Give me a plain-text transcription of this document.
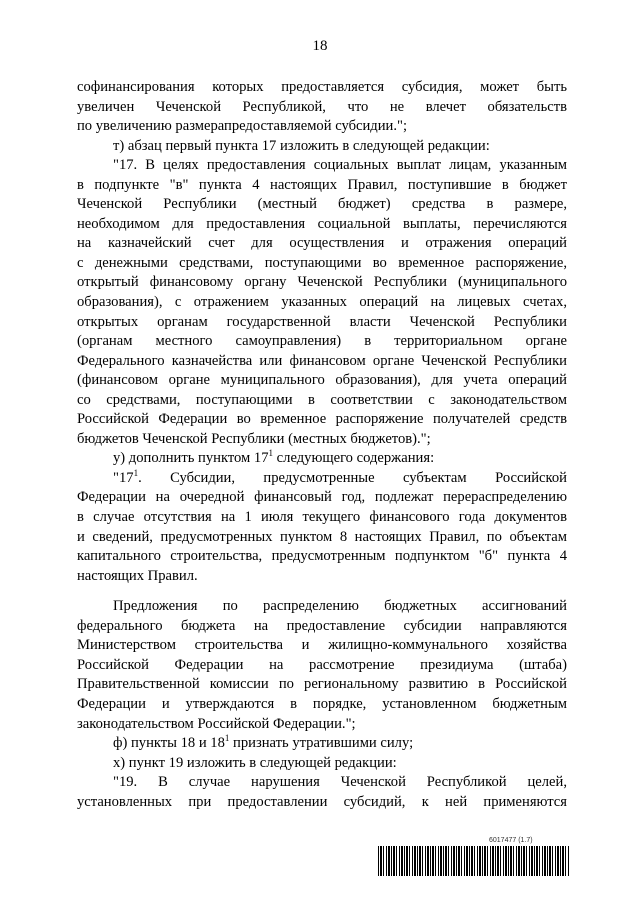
18
софинансирования которых предоставляется субсидия, может быть
увеличен Чеченской Республикой, что не влечет обязательств
по увеличению размерапредоставляемой субсидии.";
т) абзац первый пункта 17 изложить в следующей редакции:
"17. В целях предоставления социальных выплат лицам, указанным
в подпункте "в" пункта 4 настоящих Правил, поступившие в бюджет
Чеченской Республики (местный бюджет) средства в размере,
необходимом для предоставления социальной выплаты, перечисляются
на казначейский счет для осуществления и отражения операций
с денежными средствами, поступающими во временное распоряжение,
открытый финансовому органу Чеченской Республики (муниципального
образования), с отражением указанных операций на лицевых счетах,
открытых органам государственной власти Чеченской Республики
(органам местного самоуправления) в территориальном органе
Федерального казначейства или финансовом органе Чеченской Республики
(финансовом органе муниципального образования), для учета операций
со средствами, поступающими в соответствии с законодательством
Российской Федерации во временное распоряжение получателей средств
бюджетов Чеченской Республики (местных бюджетов).";
у) дополнить пунктом $17^1$ следующего содержания:
"$17^1$. Субсидии, предусмотренные субъектам Российской
Федерации на очередной финансовый год, подлежат перераспределению
в случае отсутствия на 1 июля текущего финансового года документов
и сведений, предусмотренных пунктом 8 настоящих Правил, по объектам
капитального строительства, предусмотренным подпунктом "б" пункта 4
настоящих Правил.
Предложения по распределению бюджетных ассигнований
федерального бюджета на предоставление субсидии направляются
Министерством строительства и жилищно-коммунального хозяйства
Российской Федерации на рассмотрение президиума (штаба)
Правительственной комиссии по региональному развитию в Российской
Федерации и утверждаются в порядке, установленном бюджетным
законодательством Российской Федерации.";
ф) пункты 18 и $18^1$ признать утратившими силу;
х) пункт 19 изложить в следующей редакции:
"19. В случае нарушения Чеченской Республикой целей,
установленных при предоставлении субсидий, к ней применяются
6017477 (1.7)
